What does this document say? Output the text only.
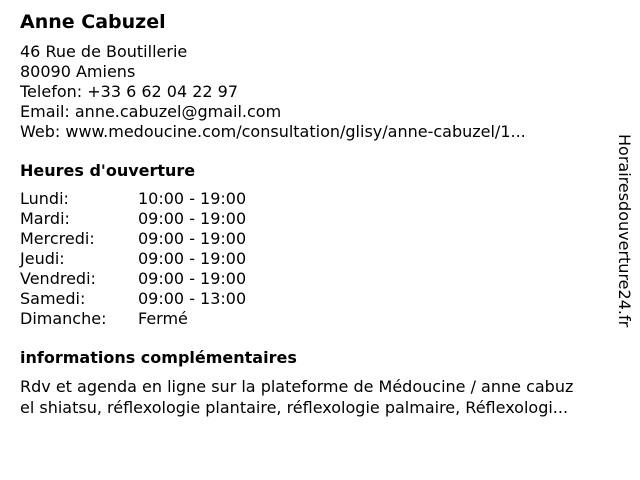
Anne Cabuzel
46 Rue de Boutillerie
80090 Amiens
Telefon: +33 6 62 04 22 97
Email: anne.cabuzel@gmail.com
Web: www.medoucine.com/consultation/glisy/anne-cabuzel/1...
Heures d'ouverture
Lundi:	10:00 - 19:00
Mardi:	09:00 - 19:00
Mercredi:	09:00 - 19:00
Jeudi:	09:00 - 19:00
Vendredi:	09:00 - 19:00
Samedi:	09:00 - 13:00
Dimanche:	Fermé
informations complémentaires
Rdv et agenda en ligne sur la plateforme de Médoucine / anne cabuz
el shiatsu, réflexologie plantaire, réflexologie palmaire, Réflexologi...
Horairesdouverture24.fr
